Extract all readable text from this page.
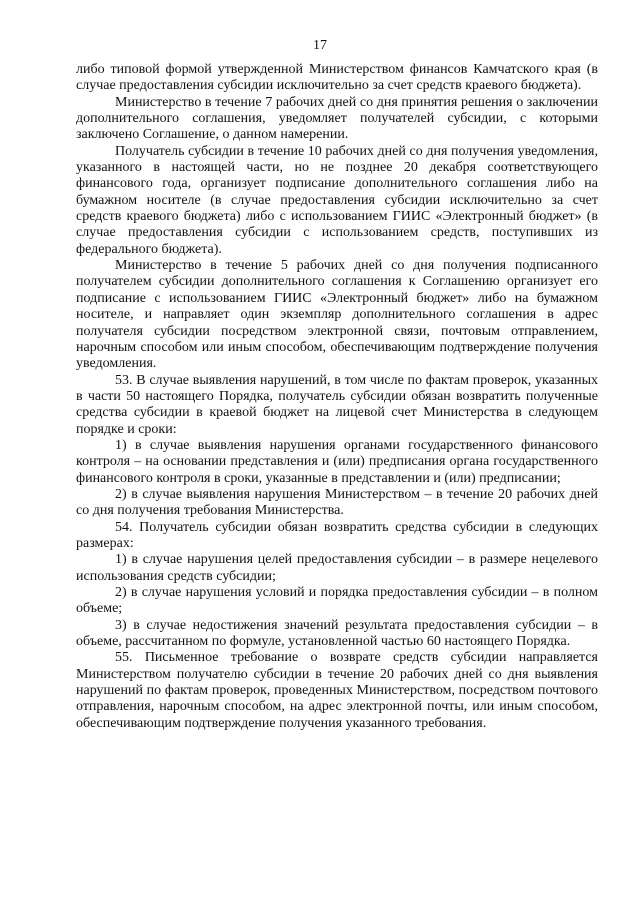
17

либо типовой формой утвержденной Министерством финансов Камчатского края (в случае предоставления субсидии исключительно за счет средств краевого бюджета).

Министерство в течение 7 рабочих дней со дня принятия решения о заключении дополнительного соглашения, уведомляет получателей субсидии, с которыми заключено Соглашение, о данном намерении.

Получатель субсидии в течение 10 рабочих дней со дня получения уведомления, указанного в настоящей части, но не позднее 20 декабря соответствующего финансового года, организует подписание дополнительного соглашения либо на бумажном носителе (в случае предоставления субсидии исключительно за счет средств краевого бюджета) либо с использованием ГИИС «Электронный бюджет» (в случае предоставления субсидии с использованием средств, поступивших из федерального бюджета).

Министерство в течение 5 рабочих дней со дня получения подписанного получателем субсидии дополнительного соглашения к Соглашению организует его подписание с использованием ГИИС «Электронный бюджет» либо на бумажном носителе, и направляет один экземпляр дополнительного соглашения в адрес получателя субсидии посредством электронной связи, почтовым отправлением, нарочным способом или иным способом, обеспечивающим подтверждение получения уведомления.

53. В случае выявления нарушений, в том числе по фактам проверок, указанных в части 50 настоящего Порядка, получатель субсидии обязан возвратить полученные средства субсидии в краевой бюджет на лицевой счет Министерства в следующем порядке и сроки:

1) в случае выявления нарушения органами государственного финансового контроля – на основании представления и (или) предписания органа государственного финансового контроля в сроки, указанные в представлении и (или) предписании;

2) в случае выявления нарушения Министерством – в течение 20 рабочих дней со дня получения требования Министерства.

54. Получатель субсидии обязан возвратить средства субсидии в следующих размерах:

1) в случае нарушения целей предоставления субсидии – в размере нецелевого использования средств субсидии;

2) в случае нарушения условий и порядка предоставления субсидии – в полном объеме;

3) в случае недостижения значений результата предоставления субсидии – в объеме, рассчитанном по формуле, установленной частью 60 настоящего Порядка.

55. Письменное требование о возврате средств субсидии направляется Министерством получателю субсидии в течение 20 рабочих дней со дня выявления нарушений по фактам проверок, проведенных Министерством, посредством почтового отправления, нарочным способом, на адрес электронной почты, или иным способом, обеспечивающим подтверждение получения указанного требования.
